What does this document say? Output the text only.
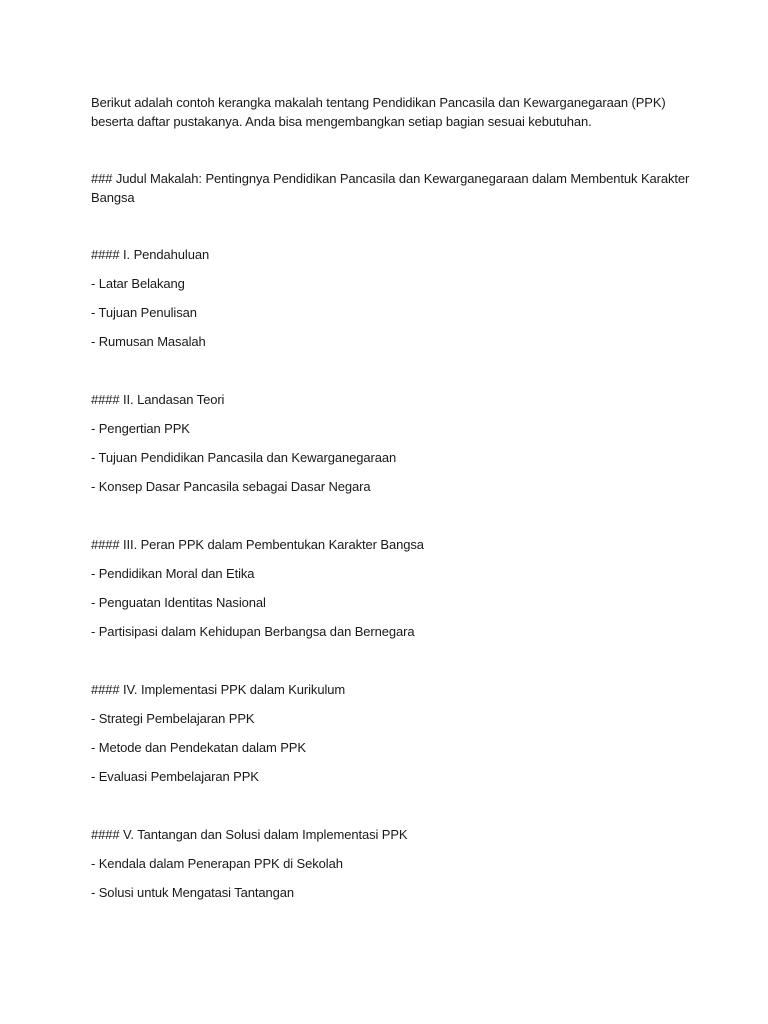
Berikut adalah contoh kerangka makalah tentang Pendidikan Pancasila dan Kewarganegaraan (PPK) beserta daftar pustakanya. Anda bisa mengembangkan setiap bagian sesuai kebutuhan.

### Judul Makalah: Pentingnya Pendidikan Pancasila dan Kewarganegaraan dalam Membentuk Karakter Bangsa

#### I. Pendahuluan

- Latar Belakang

- Tujuan Penulisan

- Rumusan Masalah

#### II. Landasan Teori

- Pengertian PPK

- Tujuan Pendidikan Pancasila dan Kewarganegaraan

- Konsep Dasar Pancasila sebagai Dasar Negara

#### III. Peran PPK dalam Pembentukan Karakter Bangsa

- Pendidikan Moral dan Etika

- Penguatan Identitas Nasional

- Partisipasi dalam Kehidupan Berbangsa dan Bernegara

#### IV. Implementasi PPK dalam Kurikulum

- Strategi Pembelajaran PPK

- Metode dan Pendekatan dalam PPK

- Evaluasi Pembelajaran PPK

#### V. Tantangan dan Solusi dalam Implementasi PPK

- Kendala dalam Penerapan PPK di Sekolah

- Solusi untuk Mengatasi Tantangan
